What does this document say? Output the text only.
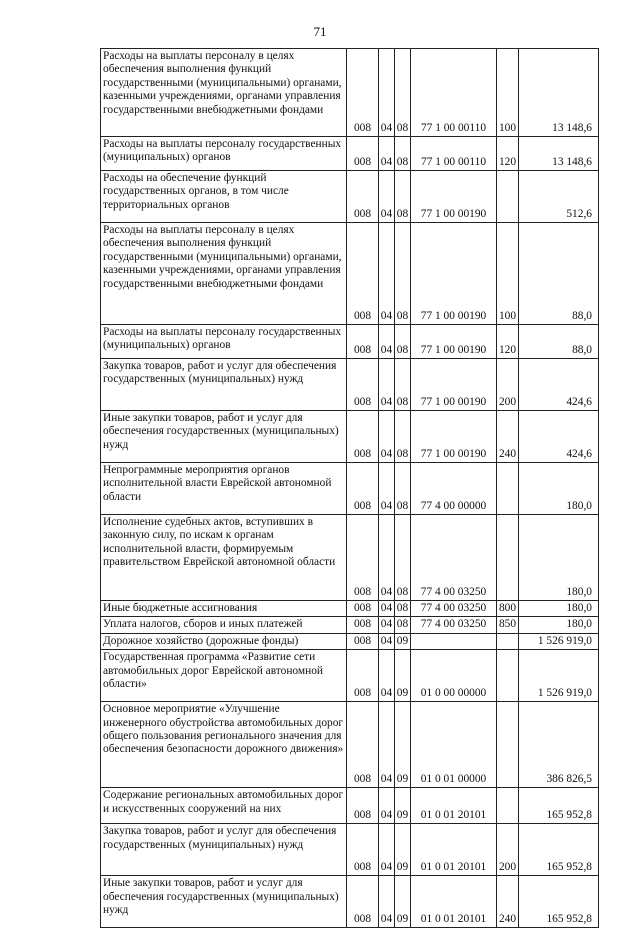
71
Расходы на выплаты персоналу в целях обеспечения выполнения функций государственными (муниципальными) органами, казенными учреждениями, органами управления государственными внебюджетными фондами	008	04	08	77 1 00 00110	100	13 148,6
Расходы на выплаты персоналу государственных (муниципальных) органов	008	04	08	77 1 00 00110	120	13 148,6
Расходы на обеспечение функций государственных органов, в том числе территориальных органов	008	04	08	77 1 00 00190		512,6
Расходы на выплаты персоналу в целях обеспечения выполнения функций государственными (муниципальными) органами, казенными учреждениями, органами управления государственными внебюджетными фондами	008	04	08	77 1 00 00190	100	88,0
Расходы на выплаты персоналу государственных (муниципальных) органов	008	04	08	77 1 00 00190	120	88,0
Закупка товаров, работ и услуг для обеспечения государственных (муниципальных) нужд	008	04	08	77 1 00 00190	200	424,6
Иные закупки товаров, работ и услуг для обеспечения государственных (муниципальных) нужд	008	04	08	77 1 00 00190	240	424,6
Непрограммные мероприятия органов исполнительной власти Еврейской автономной области	008	04	08	77 4 00 00000		180,0
Исполнение судебных актов, вступивших в законную силу, по искам к органам исполнительной власти, формируемым правительством Еврейской автономной области	008	04	08	77 4 00 03250		180,0
Иные бюджетные ассигнования	008	04	08	77 4 00 03250	800	180,0
Уплата налогов, сборов и иных платежей	008	04	08	77 4 00 03250	850	180,0
Дорожное хозяйство (дорожные фонды)	008	04	09			1 526 919,0
Государственная программа «Развитие сети автомобильных дорог Еврейской автономной области»	008	04	09	01 0 00 00000		1 526 919,0
Основное мероприятие «Улучшение инженерного обустройства автомобильных дорог общего пользования регионального значения для обеспечения безопасности дорожного движения»	008	04	09	01 0 01 00000		386 826,5
Содержание региональных автомобильных дорог и искусственных сооружений на них	008	04	09	01 0 01 20101		165 952,8
Закупка товаров, работ и услуг для обеспечения государственных (муниципальных) нужд	008	04	09	01 0 01 20101	200	165 952,8
Иные закупки товаров, работ и услуг для обеспечения государственных (муниципальных) нужд	008	04	09	01 0 01 20101	240	165 952,8
